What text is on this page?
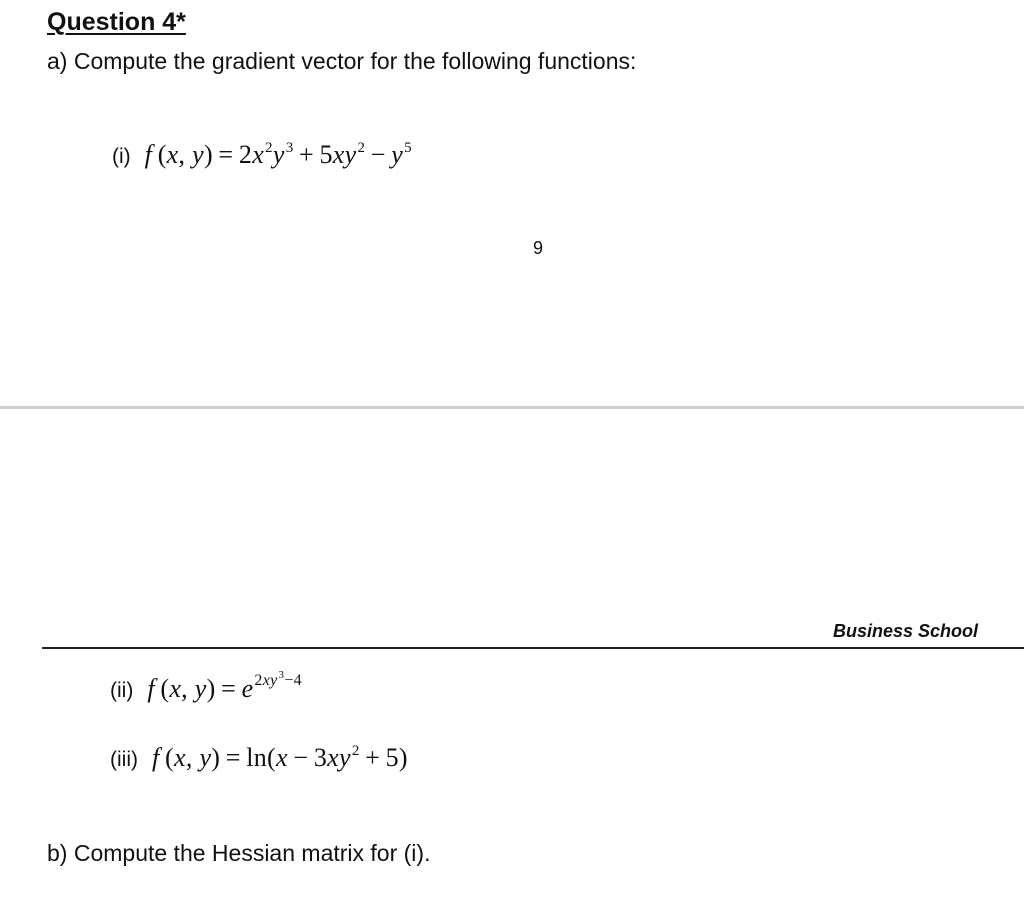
Question 4*

a) Compute the gradient vector for the following functions:

(i) f (x, $y) = 2x^2y^3 + 5xy^2 - y^5$
9
Business School
(ii) f (x, $y) = e^{2xy^3-4}$
(iii) f (x, $y) = \ln(x - 3xy^2 + 5)$

b) Compute the Hessian matrix for (i).
